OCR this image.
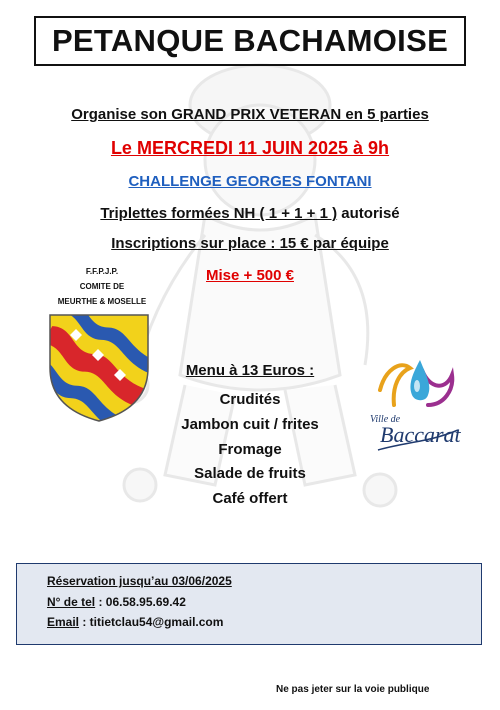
PETANQUE BACHAMOISE
Organise son GRAND PRIX VETERAN en 5 parties
Le MERCREDI 11 JUIN 2025 à 9h
CHALLENGE GEORGES FONTANI
Triplettes formées NH ( 1 + 1 + 1 ) autorisé
Inscriptions sur place : 15 € par équipe
Mise + 500 €
F.F.P.J.P.
COMITE DE
MEURTHE & MOSELLE
Menu à 13 Euros :
Crudités
Jambon cuit / frites
Fromage
Salade de fruits
Café offert
Ville de
Baccarat
Réservation jusqu’au 03/06/2025
N° de tel : 06.58.95.69.42
Email : titietclau54@gmail.com
Ne pas jeter sur la voie publique
